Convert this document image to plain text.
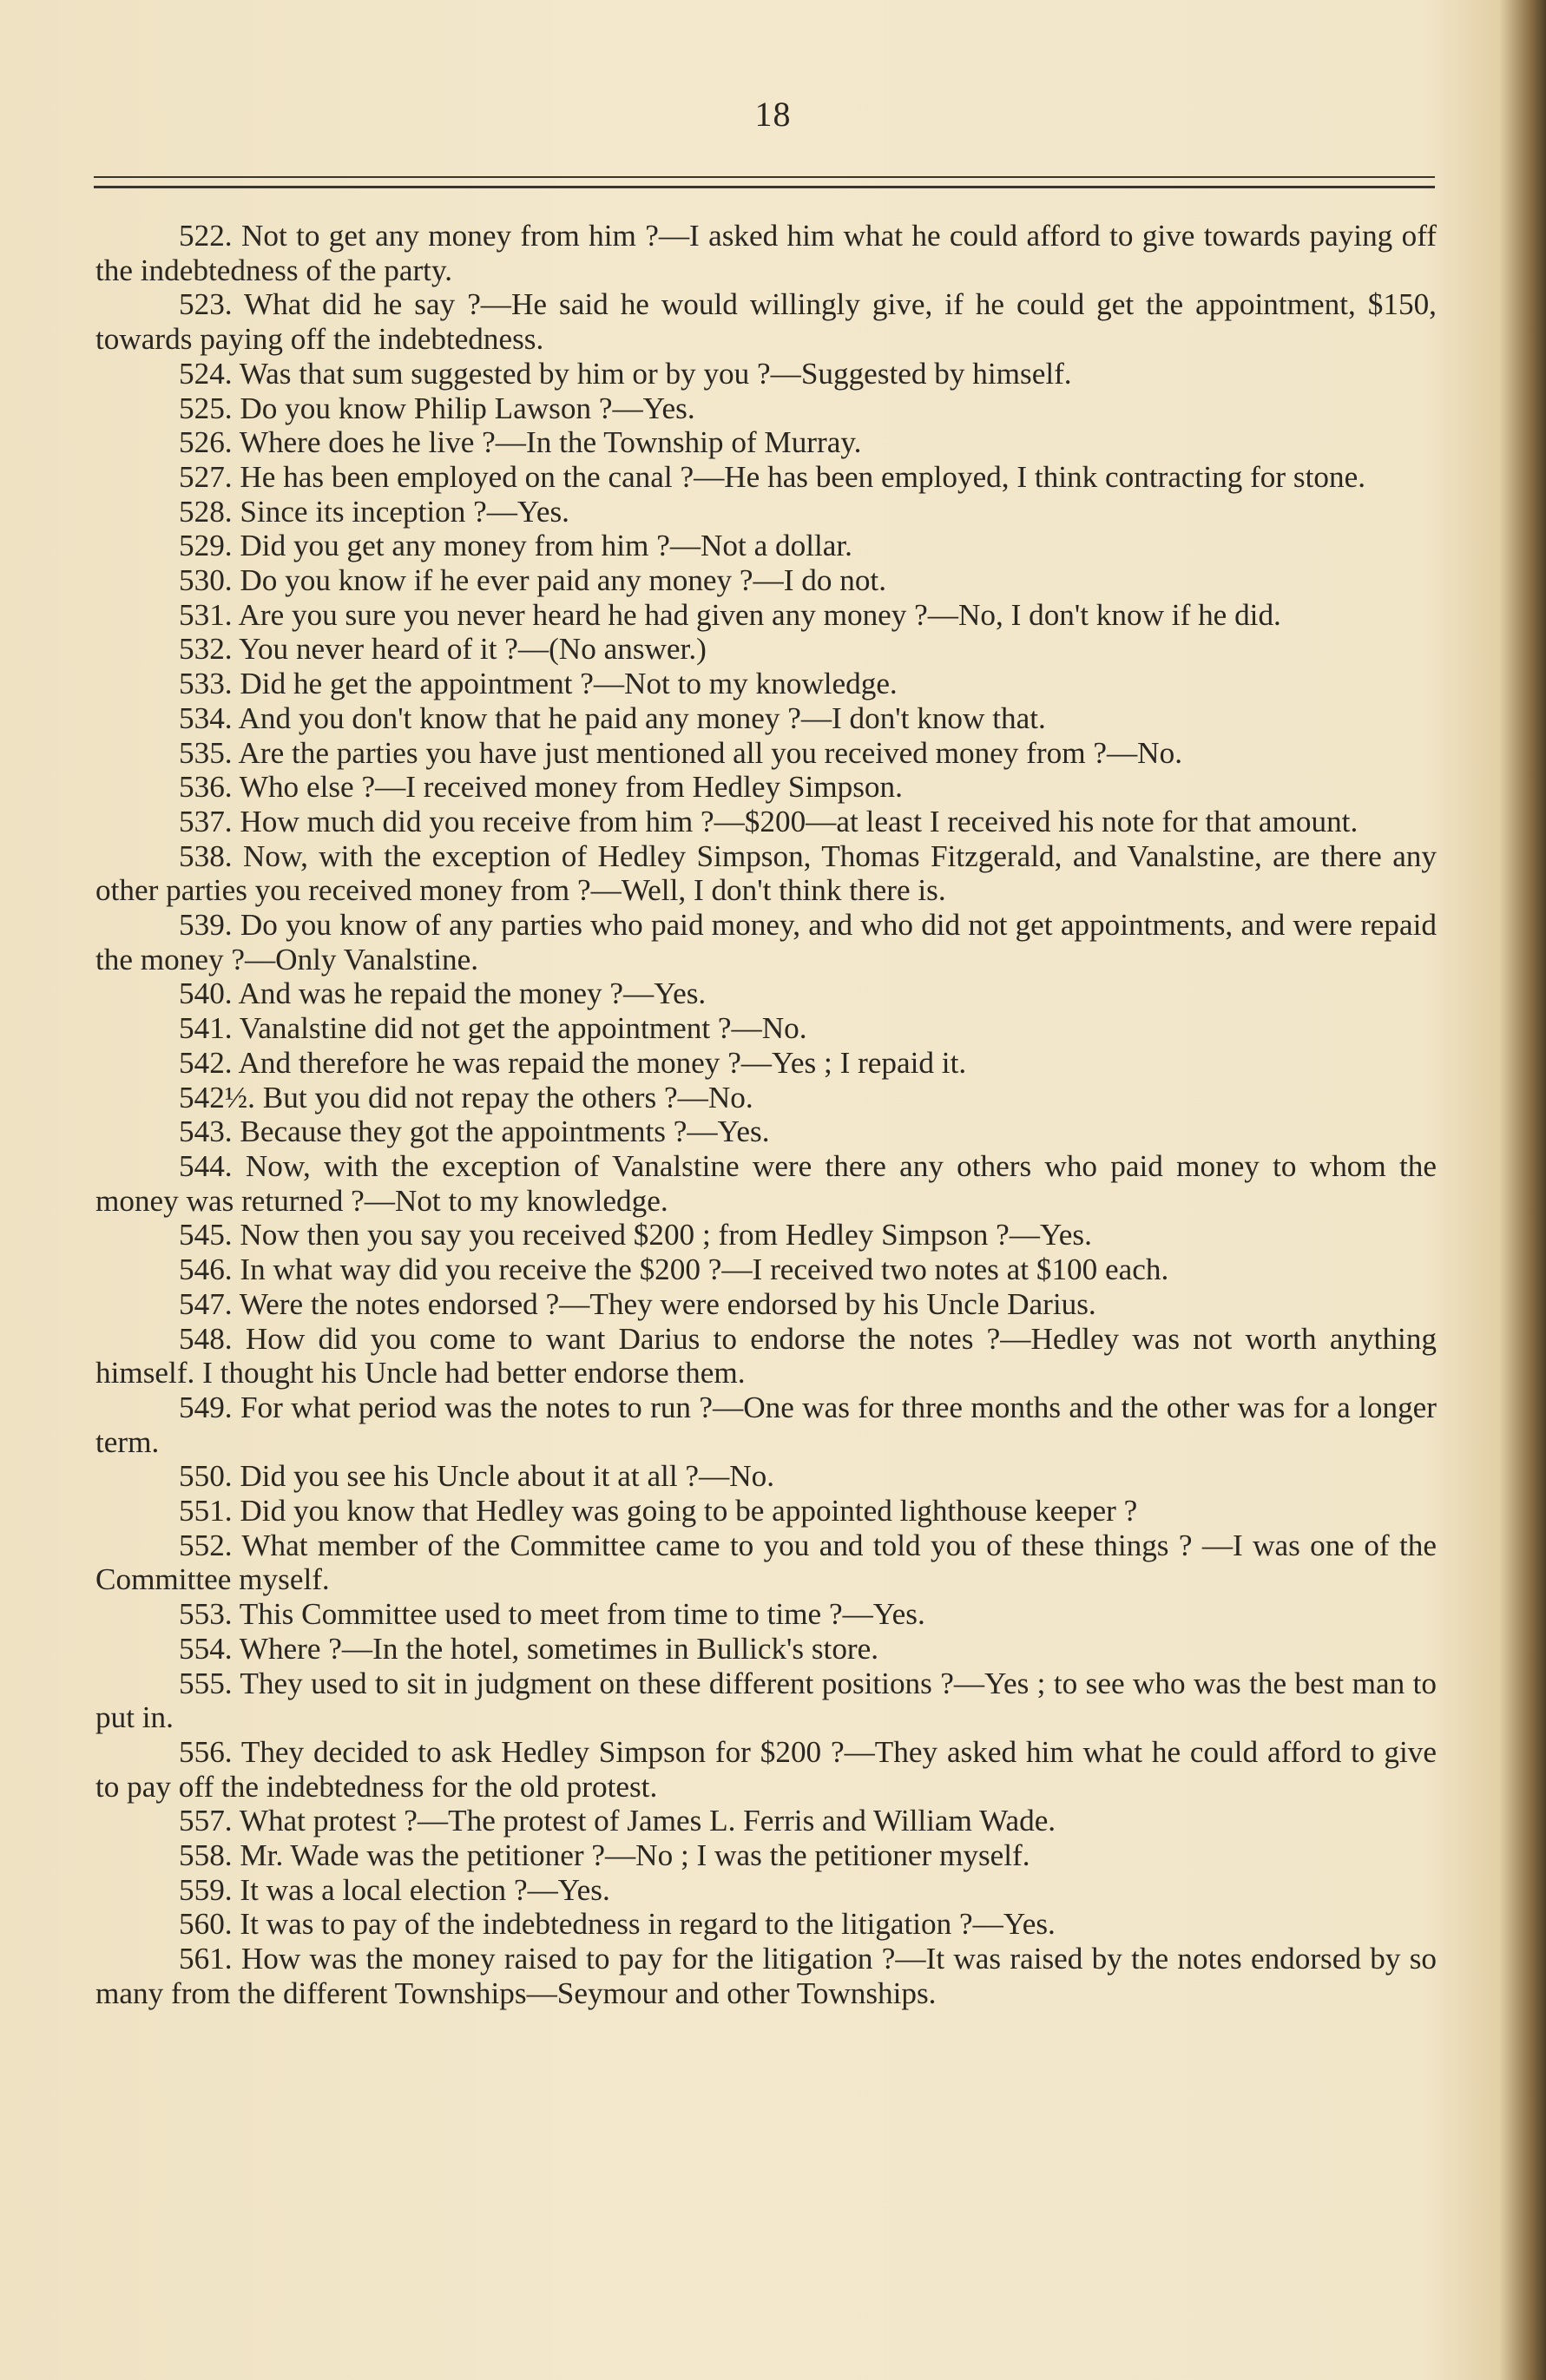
18

522. Not to get any money from him ?—I asked him what he could afford to give towards paying off the indebtedness of the party.

523. What did he say ?—He said he would willingly give, if he could get the appointment, $150, towards paying off the indebtedness.

524. Was that sum suggested by him or by you ?—Suggested by himself.

525. Do you know Philip Lawson ?—Yes.

526. Where does he live ?—In the Township of Murray.

527. He has been employed on the canal ?—He has been employed, I think contracting for stone.

528. Since its inception ?—Yes.

529. Did you get any money from him ?—Not a dollar.

530. Do you know if he ever paid any money ?—I do not.

531. Are you sure you never heard he had given any money ?—No, I don't know if he did.

532. You never heard of it ?—(No answer.)

533. Did he get the appointment ?—Not to my knowledge.

534. And you don't know that he paid any money ?—I don't know that.

535. Are the parties you have just mentioned all you received money from ?—No.

536. Who else ?—I received money from Hedley Simpson.

537. How much did you receive from him ?—$200—at least I received his note for that amount.

538. Now, with the exception of Hedley Simpson, Thomas Fitzgerald, and Vanalstine, are there any other parties you received money from ?—Well, I don't think there is.

539. Do you know of any parties who paid money, and who did not get appointments, and were repaid the money ?—Only Vanalstine.

540. And was he repaid the money ?—Yes.

541. Vanalstine did not get the appointment ?—No.

542. And therefore he was repaid the money ?—Yes ; I repaid it.

542½. But you did not repay the others ?—No.

543. Because they got the appointments ?—Yes.

544. Now, with the exception of Vanalstine were there any others who paid money to whom the money was returned ?—Not to my knowledge.

545. Now then you say you received $200 ; from Hedley Simpson ?—Yes.

546. In what way did you receive the $200 ?—I received two notes at $100 each.

547. Were the notes endorsed ?—They were endorsed by his Uncle Darius.

548. How did you come to want Darius to endorse the notes ?—Hedley was not worth anything himself. I thought his Uncle had better endorse them.

549. For what period was the notes to run ?—One was for three months and the other was for a longer term.

550. Did you see his Uncle about it at all ?—No.

551. Did you know that Hedley was going to be appointed lighthouse keeper ?

552. What member of the Committee came to you and told you of these things ? —I was one of the Committee myself.

553. This Committee used to meet from time to time ?—Yes.

554. Where ?—In the hotel, sometimes in Bullick's store.

555. They used to sit in judgment on these different positions ?—Yes ; to see who was the best man to put in.

556. They decided to ask Hedley Simpson for $200 ?—They asked him what he could afford to give to pay off the indebtedness for the old protest.

557. What protest ?—The protest of James L. Ferris and William Wade.

558. Mr. Wade was the petitioner ?—No ; I was the petitioner myself.

559. It was a local election ?—Yes.

560. It was to pay of the indebtedness in regard to the litigation ?—Yes.

561. How was the money raised to pay for the litigation ?—It was raised by the notes endorsed by so many from the different Townships—Seymour and other Townships.
